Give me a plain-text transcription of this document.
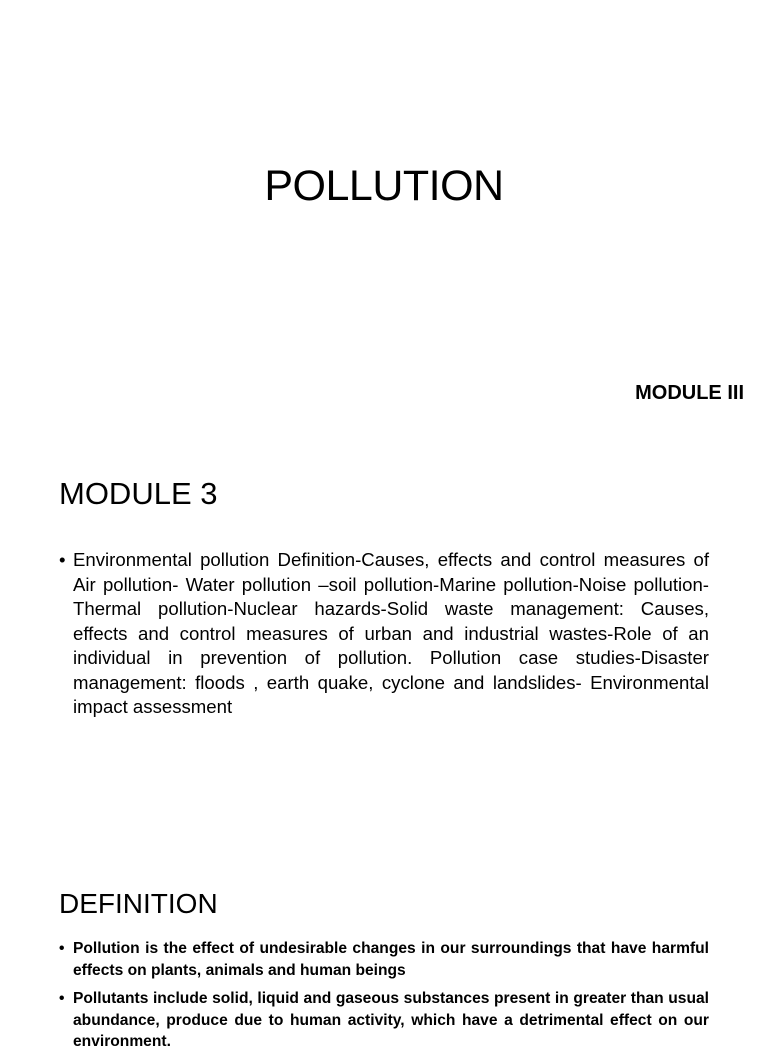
POLLUTION
MODULE III
MODULE 3
• Environmental pollution Definition-Causes, effects and control measures of Air pollution- Water pollution –soil pollution-Marine pollution-Noise pollution-Thermal pollution-Nuclear hazards-Solid waste management: Causes, effects and control measures of urban and industrial wastes-Role of an individual in prevention of pollution. Pollution case studies-Disaster management: floods , earth quake, cyclone and landslides- Environmental impact assessment
DEFINITION
• Pollution is the effect of undesirable changes in our surroundings that have harmful effects on plants, animals and human beings
• Pollutants include solid, liquid and gaseous substances present in greater than usual abundance, produce due to human activity, which have a detrimental effect on our environment.
